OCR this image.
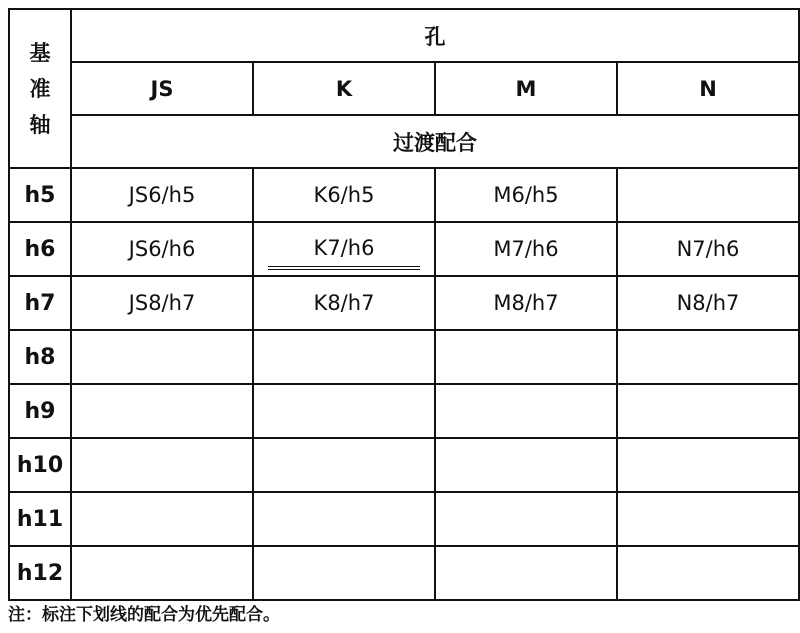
基
准
轴	孔			
	JS	K	M	N
	过渡配合			
h5	JS6/h5	K6/h5	M6/h5	
h6	JS6/h6	K7/h6	M7/h6	N7/h6
h7	JS8/h7	K8/h7	M8/h7	N8/h7
h8				
h9				
h10				
h11				
h12				
注：标注下划线的配合为优先配合。
